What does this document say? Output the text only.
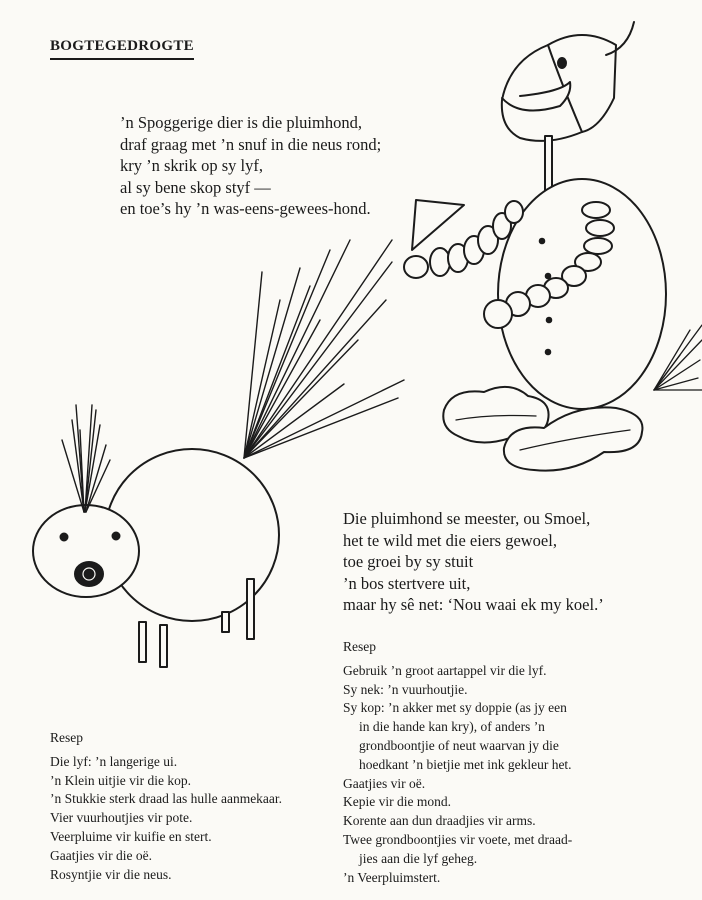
BOGTEGEDROGTE
’n Spoggerige dier is die pluimhond,
draf graag met ’n snuf in die neus rond;
kry ’n skrik op sy lyf,
al sy bene skop styf —
en toe’s hy ’n was-eens-gewees-hond.
Die pluimhond se meester, ou Smoel,
het te wild met die eiers gewoel,
toe groei by sy stuit
’n bos stertvere uit,
maar hy sê net: ‘Nou waai ek my koel.’
Resep
Die lyf: ’n langerige ui.
’n Klein uitjie vir die kop.
’n Stukkie sterk draad las hulle aanmekaar.
Vier vuurhoutjies vir pote.
Veerpluime vir kuifie en stert.
Gaatjies vir die oë.
Rosyntjie vir die neus.
Resep
Gebruik ’n groot aartappel vir die lyf.
Sy nek: ’n vuurhoutjie.
Sy kop: ’n akker met sy doppie (as jy een
in die hande kan kry), of anders ’n
grondboontjie of neut waarvan jy die
hoedkant ’n bietjie met ink gekleur het.
Gaatjies vir oë.
Kepie vir die mond.
Korente aan dun draadjies vir arms.
Twee grondboontjies vir voete, met draad-
jies aan die lyf geheg.
’n Veerpluimstert.
